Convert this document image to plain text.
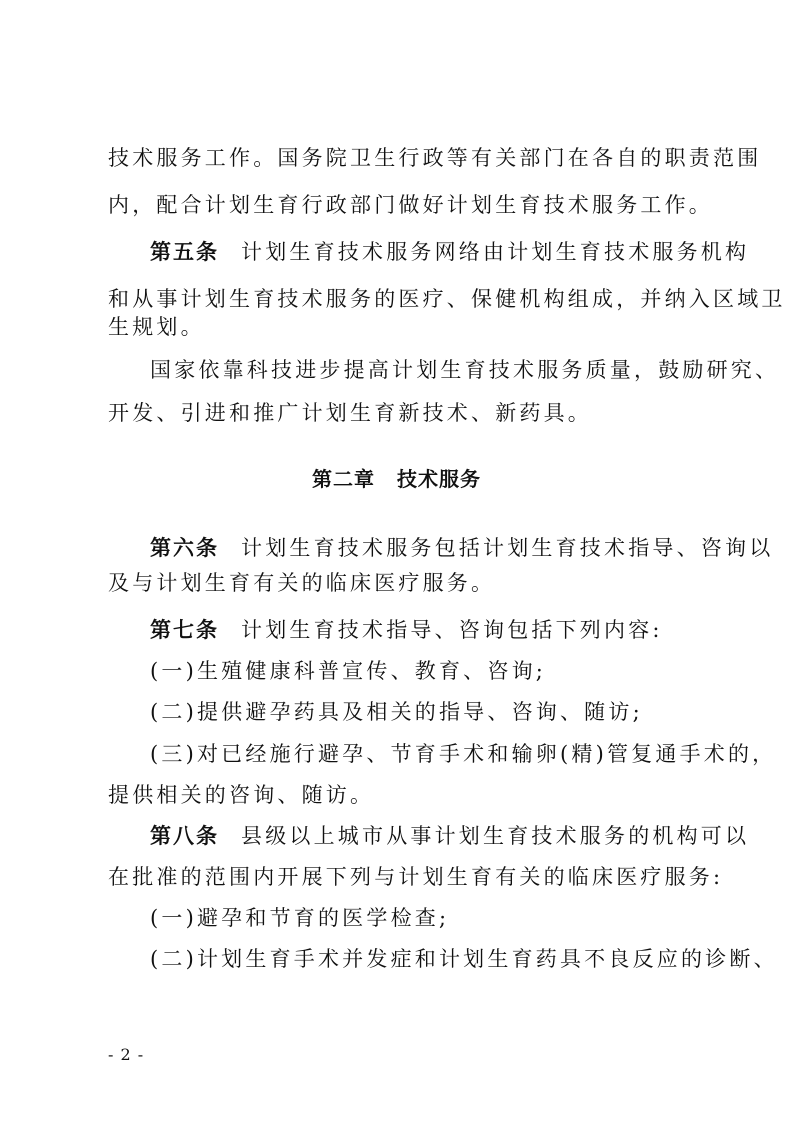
技术服务工作。国务院卫生行政等有关部门在各自的职责范围
内，配合计划生育行政部门做好计划生育技术服务工作。
第五条 计划生育技术服务网络由计划生育技术服务机构
和从事计划生育技术服务的医疗、保健机构组成，并纳入区域卫
生规划。
国家依靠科技进步提高计划生育技术服务质量，鼓励研究、
开发、引进和推广计划生育新技术、新药具。
第二章 技术服务
第六条 计划生育技术服务包括计划生育技术指导、咨询以
及与计划生育有关的临床医疗服务。
第七条 计划生育技术指导、咨询包括下列内容:
(一)生殖健康科普宣传、教育、咨询;
(二)提供避孕药具及相关的指导、咨询、随访;
(三)对已经施行避孕、节育手术和输卵(精)管复通手术的，
提供相关的咨询、随访。
第八条 县级以上城市从事计划生育技术服务的机构可以
在批准的范围内开展下列与计划生育有关的临床医疗服务:
(一)避孕和节育的医学检查;
(二)计划生育手术并发症和计划生育药具不良反应的诊断、
- 2 -
